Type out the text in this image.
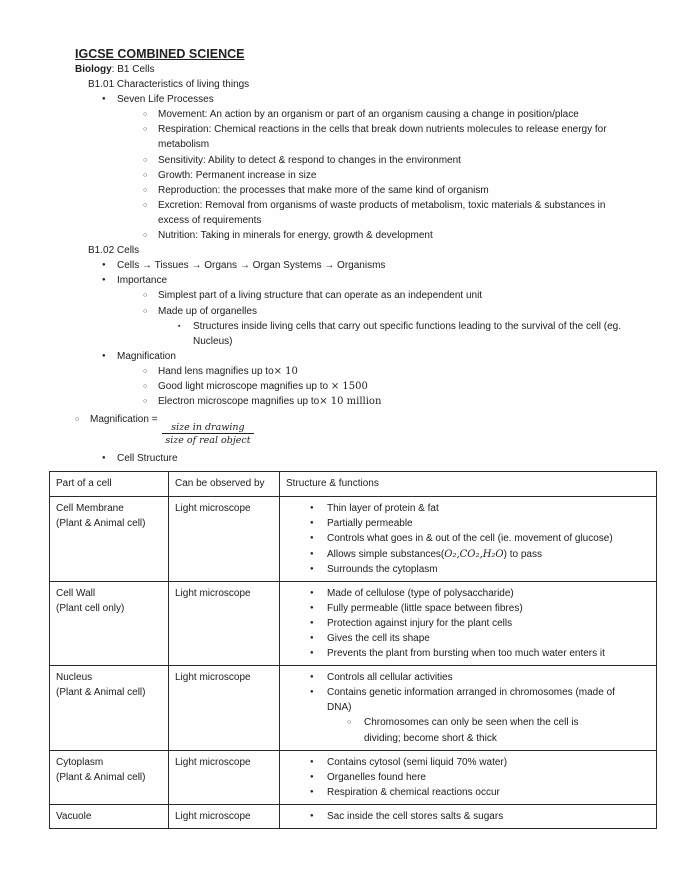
IGCSE COMBINED SCIENCE

Biology: B1 Cells

B1.01 Characteristics of living things

●	Seven Life Processes
○	Movement: An action by an organism or part of an organism causing a change in position/place
○	Respiration: Chemical reactions in the cells that break down nutrients molecules to release energy for metabolism
○	Sensitivity: Ability to detect & respond to changes in the environment
○	Growth: Permanent increase in size
○	Reproduction: the processes that make more of the same kind of organism
○	Excretion: Removal from organisms of waste products of metabolism, toxic materials & substances in excess of requirements
○	Nutrition: Taking in minerals for energy, growth & development

B1.02 Cells

●	Cells → Tissues → Organs → Organ Systems → Organisms
●	Importance
○	Simplest part of a living structure that can operate as an independent unit
○	Made up of organelles
▪	Structures inside living cells that carry out specific functions leading to the survival of the cell (eg. Nucleus)
●	Magnification
○	Hand lens magnifies up to× 10
○	Good light microscope magnifies up to × 1500
○	Electron microscope magnifies up to× 10 million
○	Magnification =
$\frac{\text{size in drawing}}{\text{size of real object}}$
●	Cell Structure
Part of a cell	Can be observed by	Structure & functions

Cell Membrane
(Plant & Animal cell)
	Light microscope	●	Thin layer of protein & fat
●	Partially permeable
●	Controls what goes in & out of the cell (ie. movement of glucose)
●	Allows simple substances(O₂,CO₂,H₂O) to pass
●	Surrounds the cytoplasm

Cell Wall
(Plant cell only)
	Light microscope	●	Made of cellulose (type of polysaccharide)
●	Fully permeable (little space between fibres)
●	Protection against injury for the plant cells
●	Gives the cell its shape
●	Prevents the plant from bursting when too much water enters it

Nucleus
(Plant & Animal cell)
	Light microscope	●	Controls all cellular activities
●	Contains genetic information arranged in chromosomes (made of DNA)
○	Chromosomes can only be seen when the cell is dividing; become short & thick

Cytoplasm
(Plant & Animal cell)
	Light microscope	●	Contains cytosol (semi liquid 70% water)
●	Organelles found here
●	Respiration & chemical reactions occur

Vacuole	Light microscope	● Sac inside the cell stores salts & sugars
